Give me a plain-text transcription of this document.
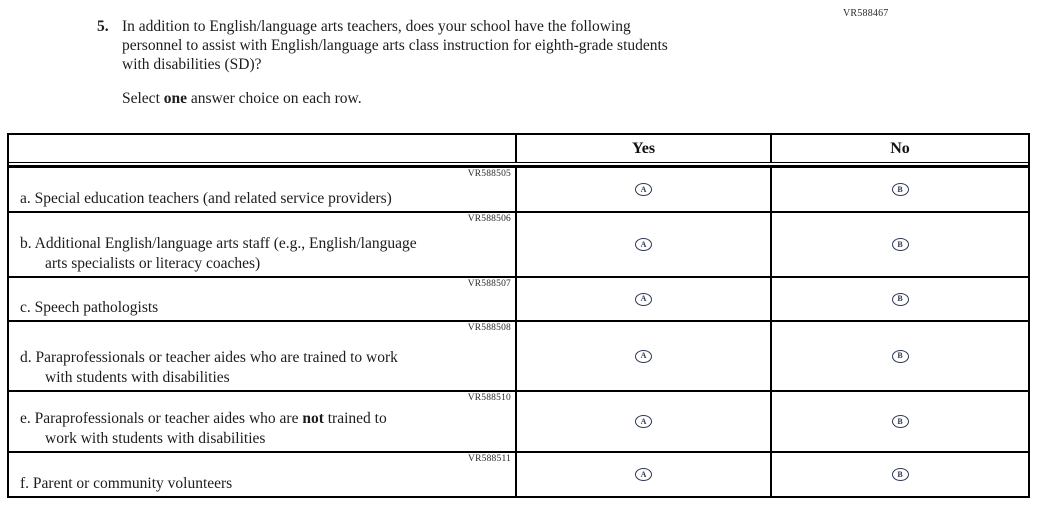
VR588467
5. In addition to English/language arts teachers, does your school have the following
personnel to assist with English/language arts class instruction for eighth-grade students
with disabilities (SD)?
Select one answer choice on each row.
Yes	No
VR588505
a. Special education teachers (and related service providers)
A	B
VR588506
b. Additional English/language arts staff (e.g., English/language
arts specialists or literacy coaches)
A	B
VR588507
c. Speech pathologists	A	B
VR588508
d. Paraprofessionals or teacher aides who are trained to work
with students with disabilities
A	B
VR588510
e. Paraprofessionals or teacher aides who are not trained to
work with students with disabilities
A	B
VR588511
f. Parent or community volunteers
A	B
